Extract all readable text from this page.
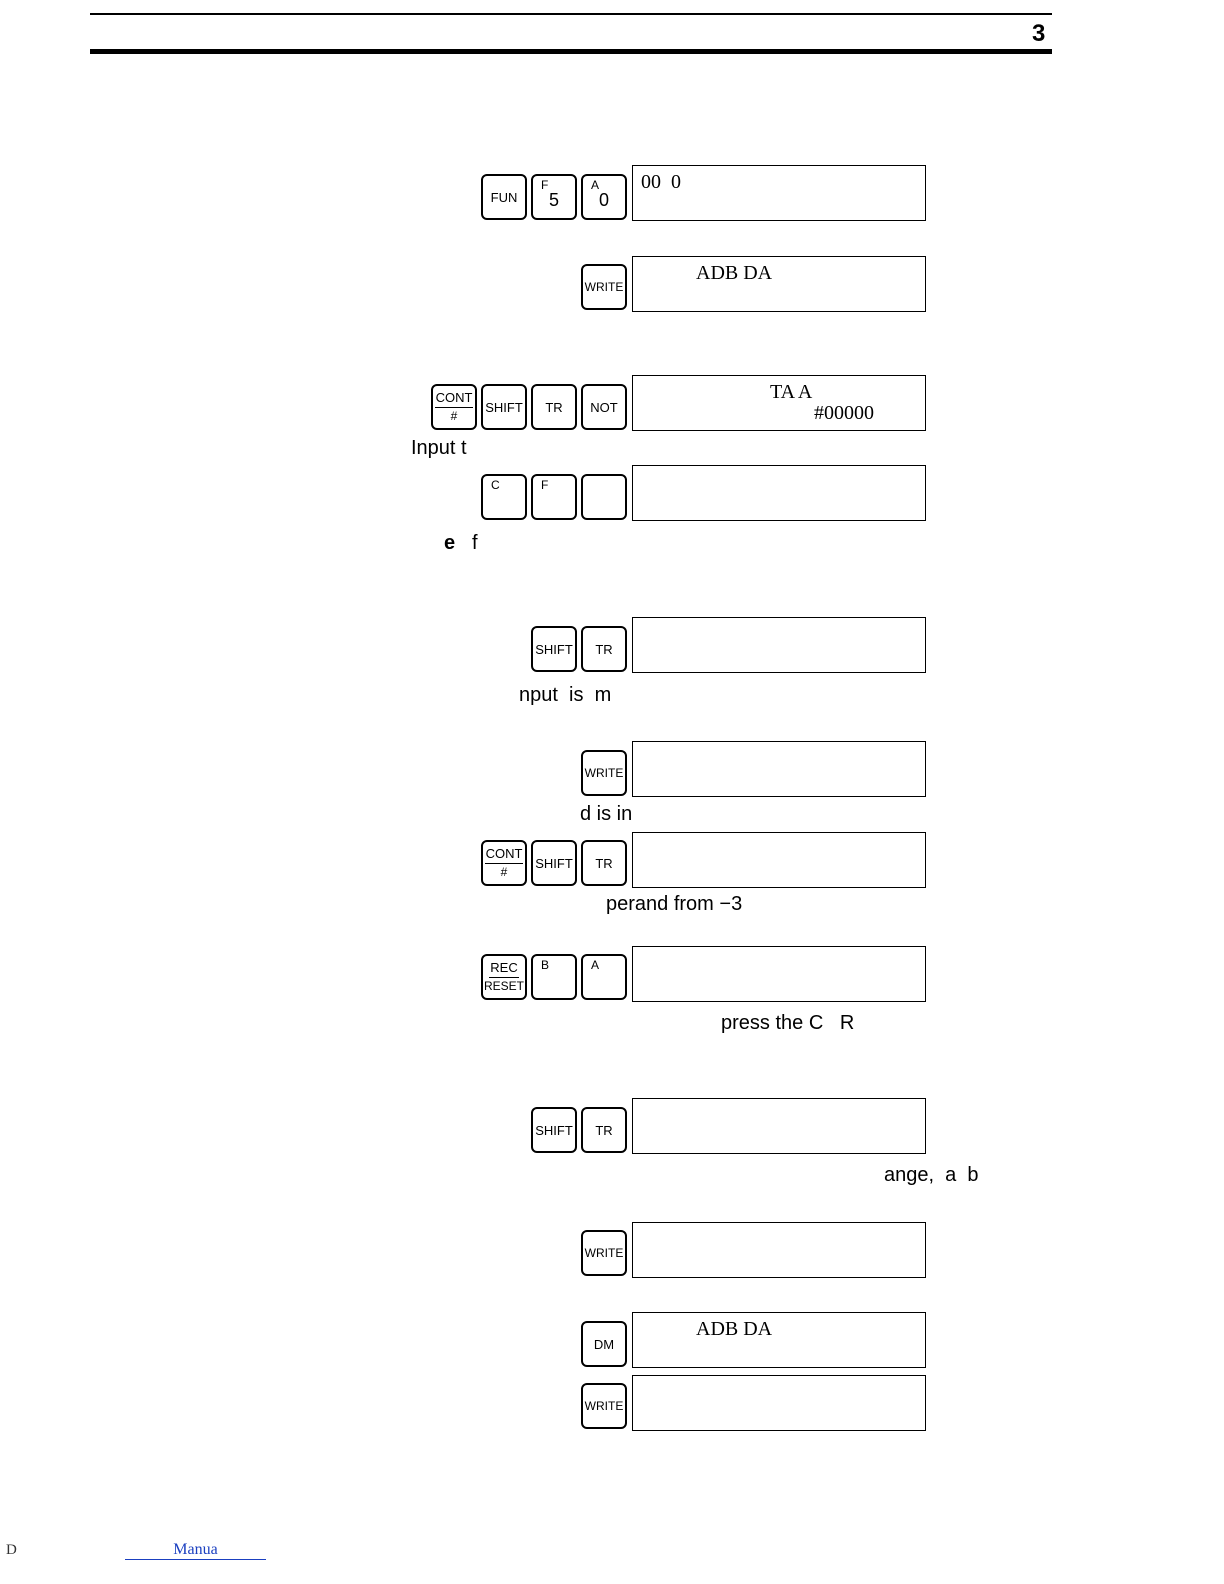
3
FUN
F
5
A
0
00  0
WRITE
ADB DA
$\frac{\text{CONT}}{\#}$ SHIFT TR NOT
TA A
#00000
Input t
C	F
e f
SHIFT TR
nput  is  m
WRITE
d is in
$\frac{\text{CONT}}{\#}$ SHIFT TR
perand from −3
$\frac{\text{REC}}{\text{RESET}}$ B	A
press the C   R
SHIFT TR
ange,  a  b
WRITE
DM
ADB DA
WRITE
D	Manua
